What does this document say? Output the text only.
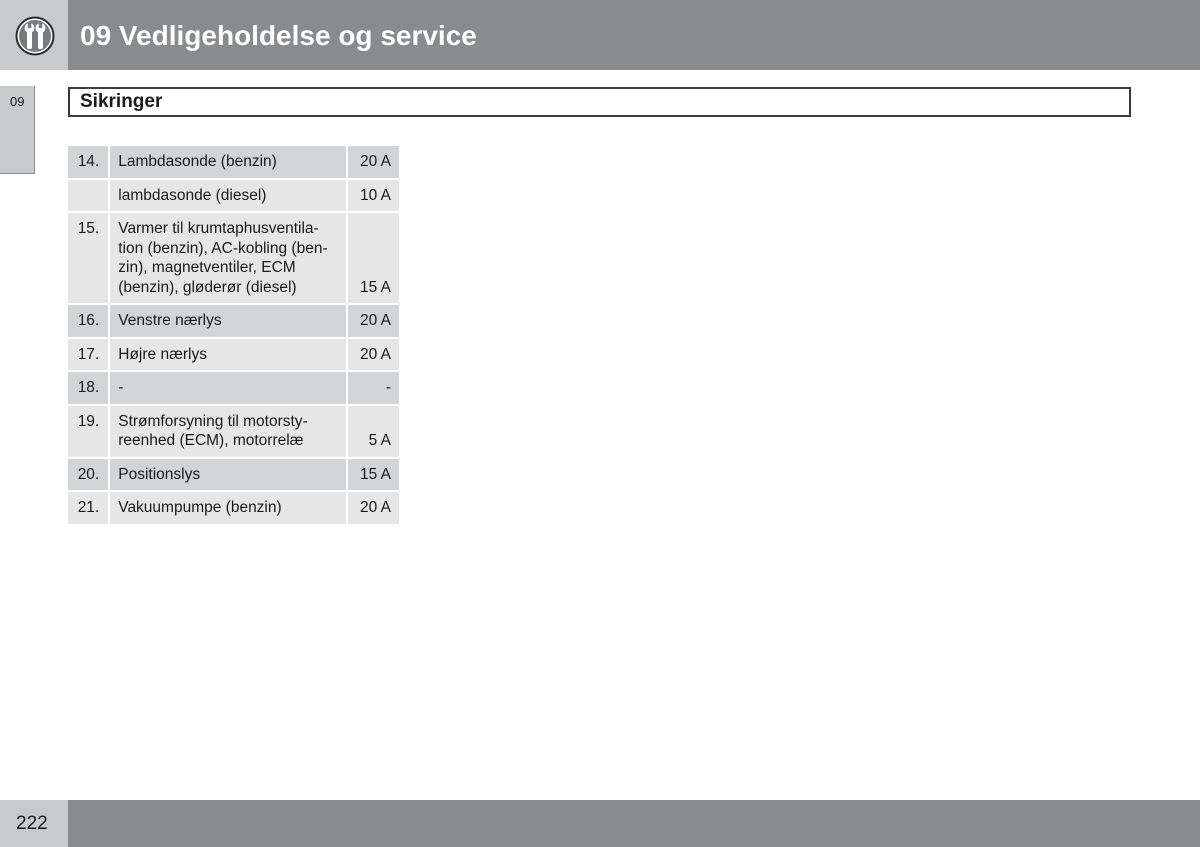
09 Vedligeholdelse og service
09	Sikringer
14.	Lambdasonde (benzin)	20 A
	lambdasonde (diesel)	10 A
15.	Varmer til krumtaphusventila-
tion (benzin), AC-kobling (ben-
zin), magnetventiler, ECM
(benzin), gløderør (diesel)	15 A
16.	Venstre nærlys	20 A
17.	Højre nærlys	20 A
18.	-	-
19.	Strømforsyning til motorsty-
reenhed (ECM), motorrelæ	5 A
20.	Positionslys	15 A
21.	Vakuumpumpe (benzin)	20 A
222
